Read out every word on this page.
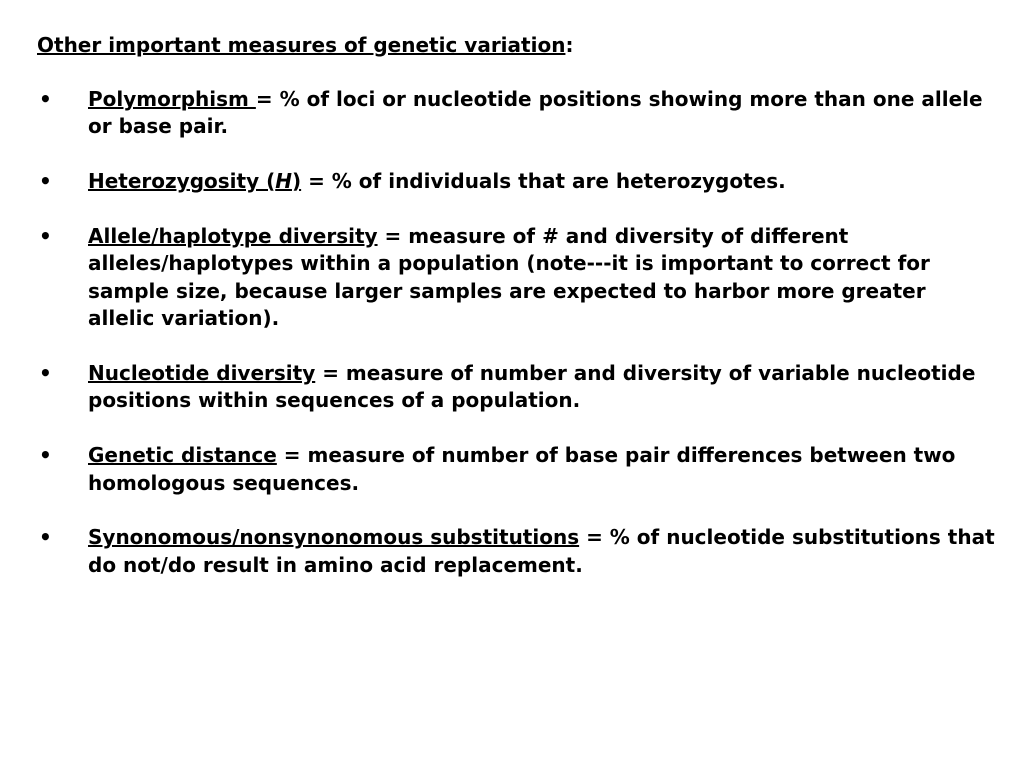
Other important measures of genetic variation:
• Polymorphism = % of loci or nucleotide positions showing more than one allele or base pair.
• Heterozygosity (H) = % of individuals that are heterozygotes.
• Allele/haplotype diversity = measure of # and diversity of different alleles/haplotypes within a population (note---it is important to correct for sample size, because larger samples are expected to harbor more greater allelic variation).
• Nucleotide diversity = measure of number and diversity of variable nucleotide positions within sequences of a population.
• Genetic distance = measure of number of base pair differences between two homologous sequences.
• Synonomous/nonsynonomous substitutions = % of nucleotide substitutions that do not/do result in amino acid replacement.
